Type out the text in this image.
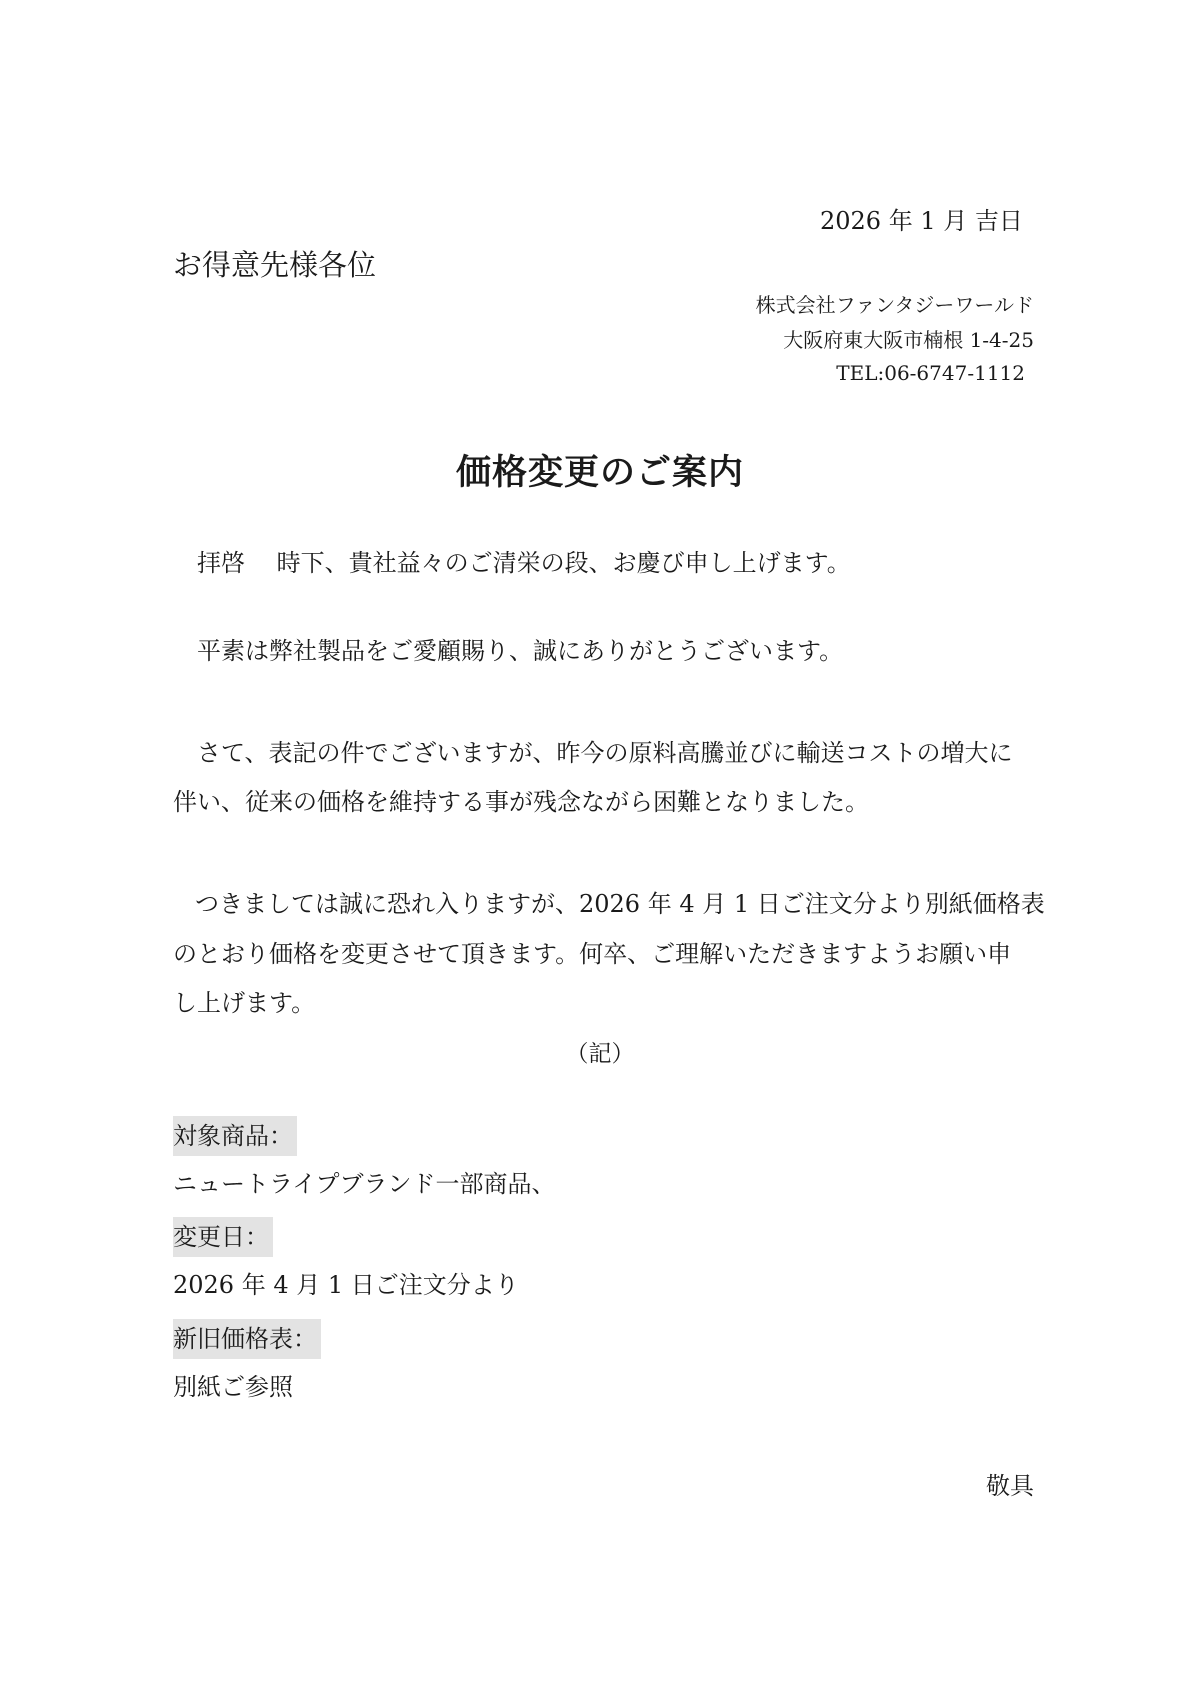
2026 年 1 月 吉日
お得意先様各位
株式会社ファンタジーワールド
大阪府東大阪市楠根 1-4-25
TEL:06-6747-1112
価格変更のご案内
拝啓　 時下、貴社益々のご清栄の段、お慶び申し上げます。
平素は弊社製品をご愛顧賜り、誠にありがとうございます。
さて、表記の件でございますが、昨今の原料高騰並びに輸送コストの増大に
伴い、従来の価格を維持する事が残念ながら困難となりました。
つきましては誠に恐れ入りますが、2026 年 4 月 1 日ご注文分より別紙価格表
のとおり価格を変更させて頂きます。何卒、ご理解いただきますようお願い申
し上げます。
（記）
対象商品：
ニュートライプブランド一部商品、
変更日：
2026 年 4 月 1 日ご注文分より
新旧価格表：
別紙ご参照
敬具
